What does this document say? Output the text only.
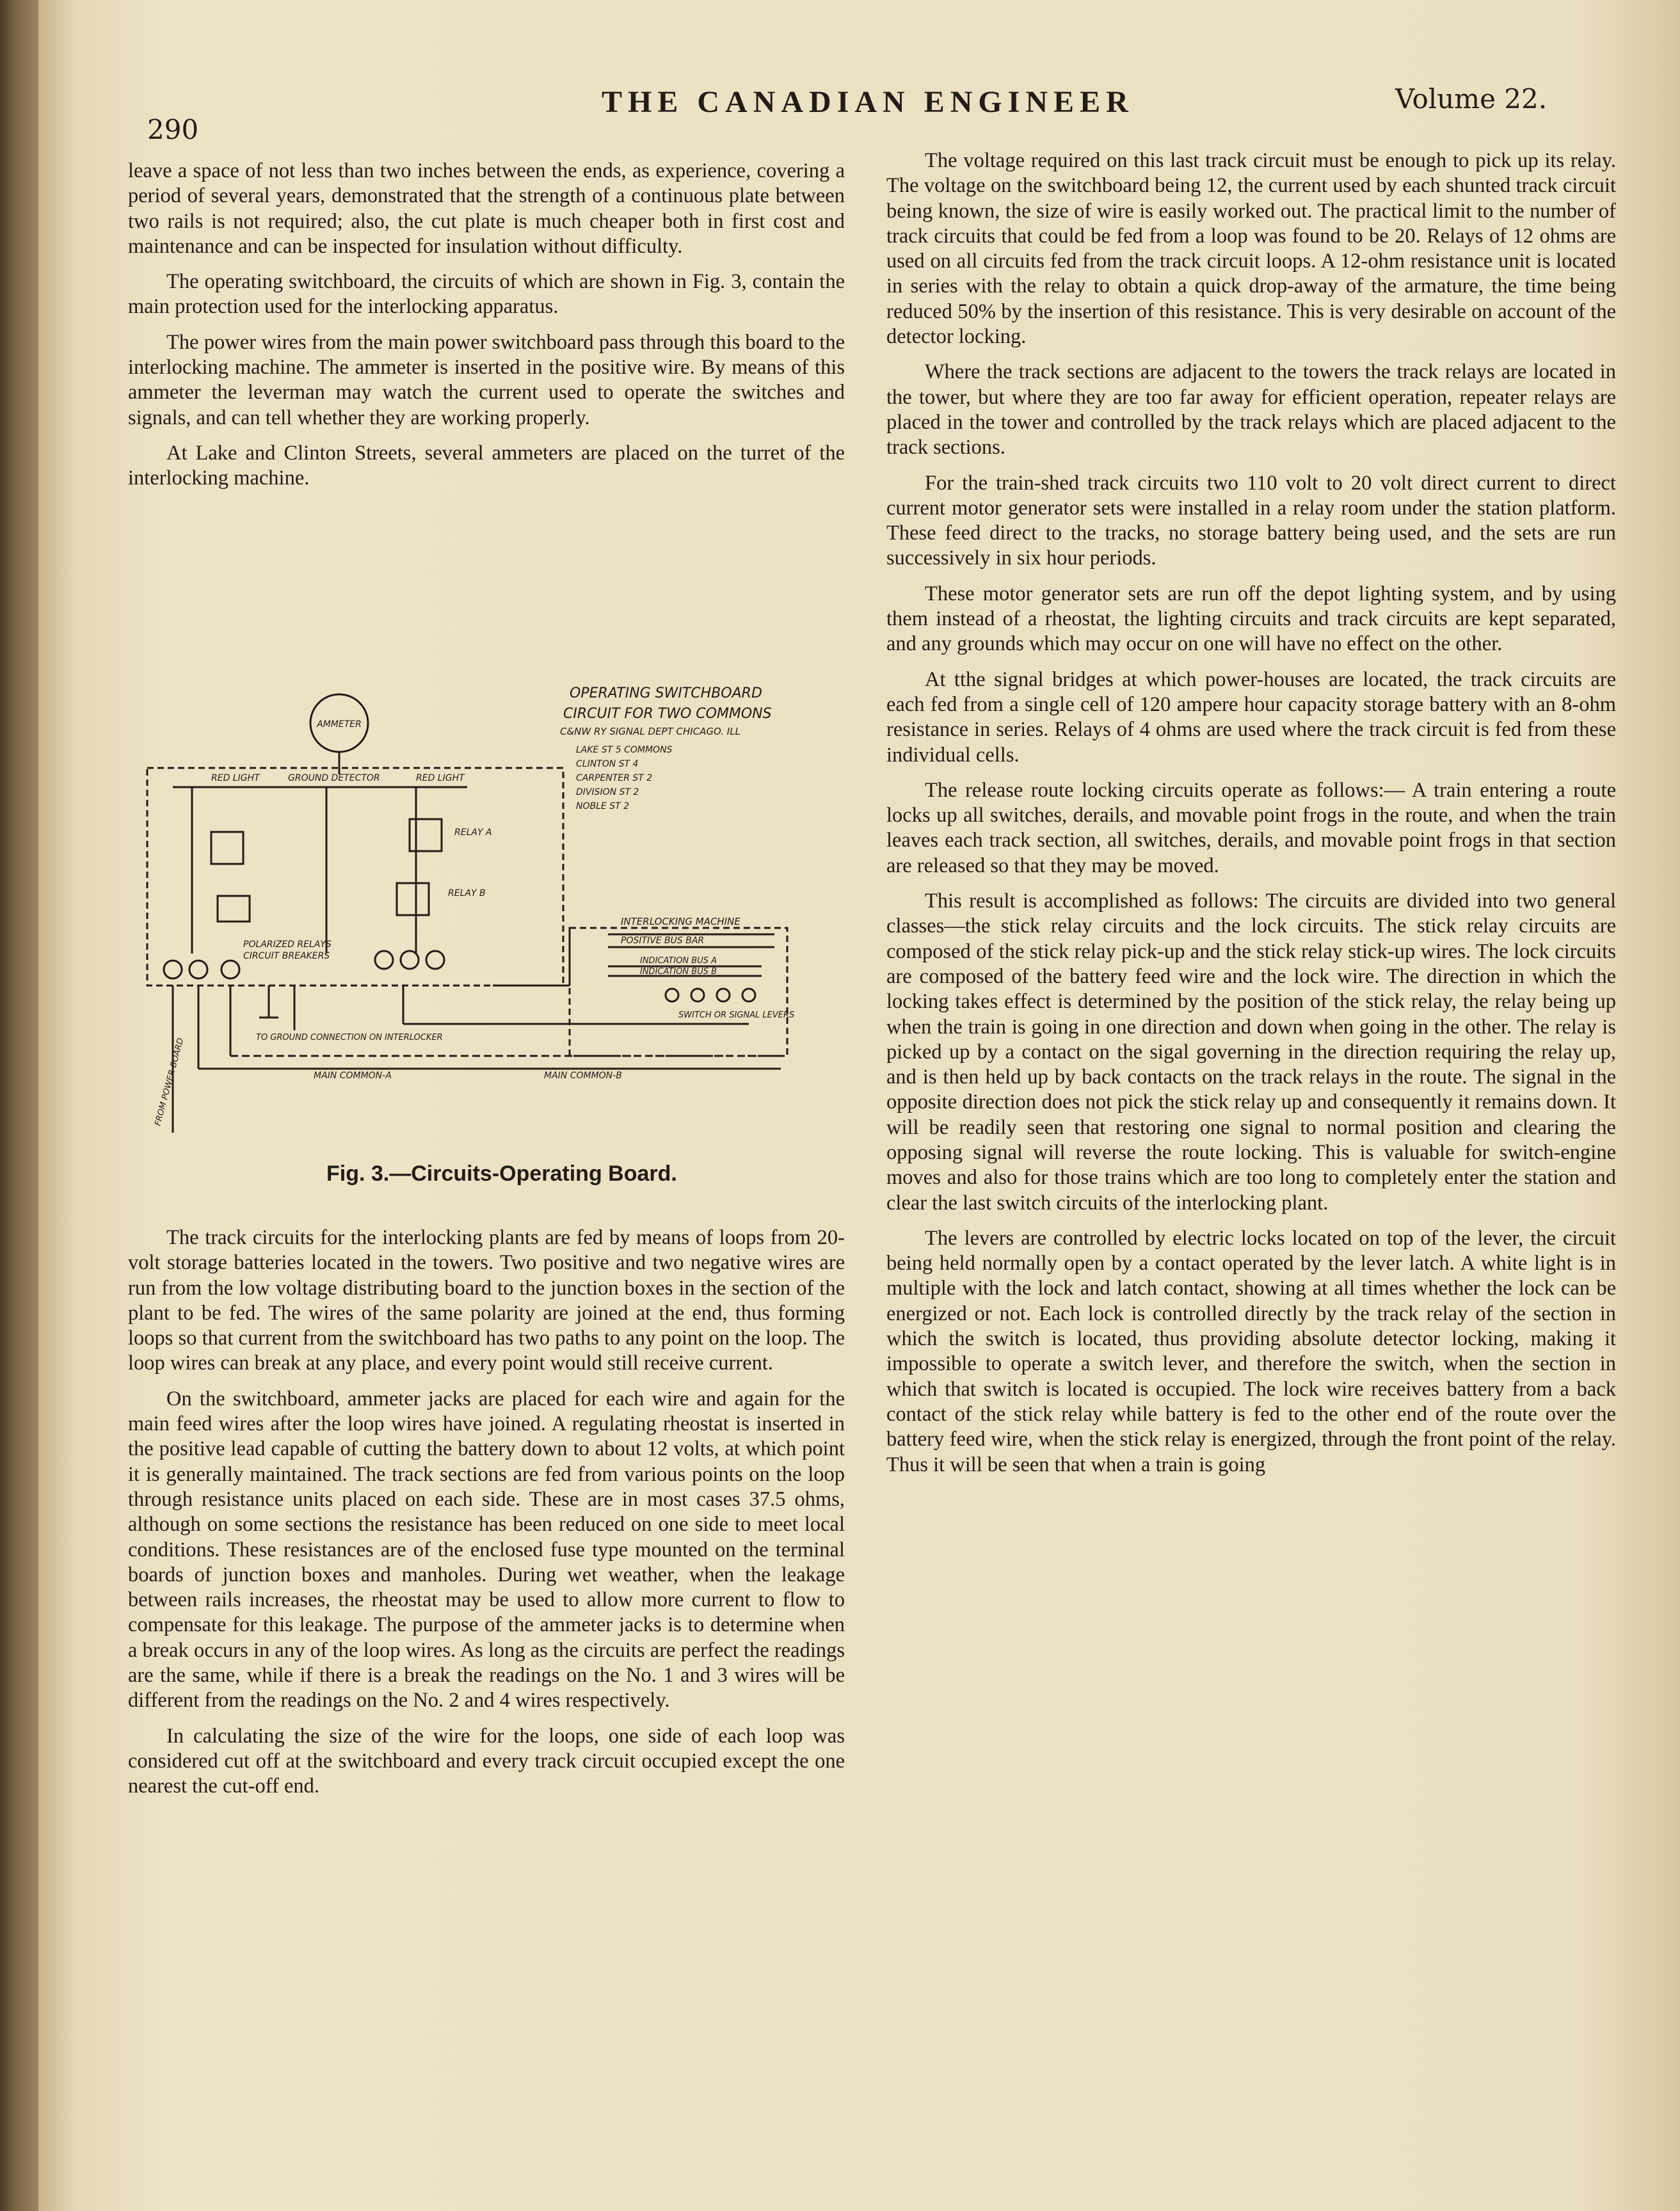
290
THE CANADIAN ENGINEER	Volume 22.

leave a space of not less than two inches between the ends, as experience, covering a period of several years, demonstrated that the strength of a continuous plate between two rails is not required; also, the cut plate is much cheaper both in first cost and maintenance and can be inspected for insulation without difficulty.

The operating switchboard, the circuits of which are shown in Fig. 3, contain the main protection used for the interlocking apparatus.

The power wires from the main power switchboard pass through this board to the interlocking machine. The ammeter is inserted in the positive wire. By means of this ammeter the leverman may watch the current used to operate the switches and signals, and can tell whether they are working properly.

At Lake and Clinton Streets, several ammeters are placed on the turret of the interlocking machine.

AMMETER
RED LIGHT	GROUND DETECTOR	RED LIGHT
RELAY A
RELAY B
POLARIZED RELAYS
CIRCUIT BREAKERS
INTERLOCKING MACHINE
POSITIVE BUS BAR
INDICATION BUS A
INDICATION BUS B
SWITCH OR SIGNAL LEVERS
TO GROUND CONNECTION ON INTERLOCKER
MAIN COMMON-A	MAIN COMMON-B
FROM POWER BOARD
OPERATING SWITCHBOARD
CIRCUIT FOR TWO COMMONS
C&NW RY SIGNAL DEPT CHICAGO. ILL
LAKE ST 5 COMMONS
CLINTON ST 4
CARPENTER ST 2
DIVISION ST 2
NOBLE ST 2
Fig. 3.—Circuits-Operating Board.

The track circuits for the interlocking plants are fed by means of loops from 20-volt storage batteries located in the towers. Two positive and two negative wires are run from the low voltage distributing board to the junction boxes in the section of the plant to be fed. The wires of the same polarity are joined at the end, thus forming loops so that current from the switchboard has two paths to any point on the loop. The loop wires can break at any place, and every point would still receive current.

On the switchboard, ammeter jacks are placed for each wire and again for the main feed wires after the loop wires have joined. A regulating rheostat is inserted in the positive lead capable of cutting the battery down to about 12 volts, at which point it is generally maintained. The track sections are fed from various points on the loop through resistance units placed on each side. These are in most cases 37.5 ohms, although on some sections the resistance has been reduced on one side to meet local conditions. These resistances are of the enclosed fuse type mounted on the terminal boards of junction boxes and manholes. During wet weather, when the leakage between rails increases, the rheostat may be used to allow more current to flow to compensate for this leakage. The purpose of the ammeter jacks is to determine when a break occurs in any of the loop wires. As long as the circuits are perfect the readings are the same, while if there is a break the readings on the No. 1 and 3 wires will be different from the readings on the No. 2 and 4 wires respectively.

In calculating the size of the wire for the loops, one side of each loop was considered cut off at the switchboard and every track circuit occupied except the one nearest the cut-off end.

The voltage required on this last track circuit must be enough to pick up its relay. The voltage on the switchboard being 12, the current used by each shunted track circuit being known, the size of wire is easily worked out. The practical limit to the number of track circuits that could be fed from a loop was found to be 20. Relays of 12 ohms are used on all circuits fed from the track circuit loops. A 12-ohm resistance unit is located in series with the relay to obtain a quick drop-away of the armature, the time being reduced 50% by the insertion of this resistance. This is very desirable on account of the detector locking.

Where the track sections are adjacent to the towers the track relays are located in the tower, but where they are too far away for efficient operation, repeater relays are placed in the tower and controlled by the track relays which are placed adjacent to the track sections.

For the train-shed track circuits two 110 volt to 20 volt direct current to direct current motor generator sets were installed in a relay room under the station platform. These feed direct to the tracks, no storage battery being used, and the sets are run successively in six hour periods.

These motor generator sets are run off the depot lighting system, and by using them instead of a rheostat, the lighting circuits and track circuits are kept separated, and any grounds which may occur on one will have no effect on the other.

At tthe signal bridges at which power-houses are located, the track circuits are each fed from a single cell of 120 ampere hour capacity storage battery with an 8-ohm resistance in series. Relays of 4 ohms are used where the track circuit is fed from these individual cells.

The release route locking circuits operate as follows:— A train entering a route locks up all switches, derails, and movable point frogs in the route, and when the train leaves each track section, all switches, derails, and movable point frogs in that section are released so that they may be moved.

This result is accomplished as follows: The circuits are divided into two general classes—the stick relay circuits and the lock circuits. The stick relay circuits are composed of the stick relay pick-up and the stick relay stick-up wires. The lock circuits are composed of the battery feed wire and the lock wire. The direction in which the locking takes effect is determined by the position of the stick relay, the relay being up when the train is going in one direction and down when going in the other. The relay is picked up by a contact on the sigal governing in the direction requiring the relay up, and is then held up by back contacts on the track relays in the route. The signal in the opposite direction does not pick the stick relay up and consequently it remains down. It will be readily seen that restoring one signal to normal position and clearing the opposing signal will reverse the route locking. This is valuable for switch-engine moves and also for those trains which are too long to completely enter the station and clear the last switch circuits of the interlocking plant.

The levers are controlled by electric locks located on top of the lever, the circuit being held normally open by a contact operated by the lever latch. A white light is in multiple with the lock and latch contact, showing at all times whether the lock can be energized or not. Each lock is controlled directly by the track relay of the section in which the switch is located, thus providing absolute detector locking, making it impossible to operate a switch lever, and therefore the switch, when the section in which that switch is located is occupied. The lock wire receives battery from a back contact of the stick relay while battery is fed to the other end of the route over the battery feed wire, when the stick relay is energized, through the front point of the relay. Thus it will be seen that when a train is going
